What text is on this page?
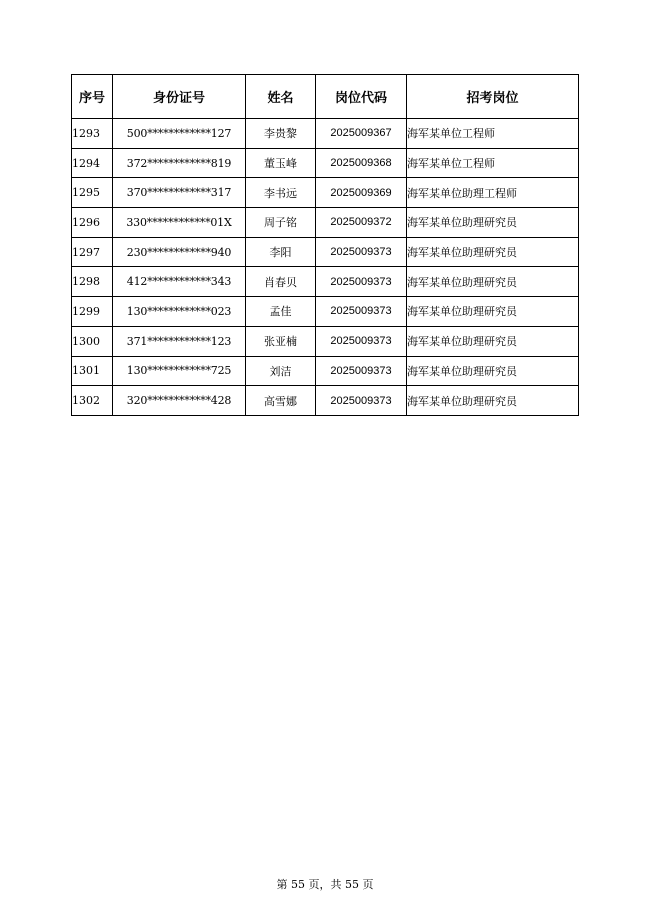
序号	身份证号	姓名	岗位代码	招考岗位
1293	500************127	李贵黎	2025009367	海军某单位工程师
1294	372************819	董玉峰	2025009368	海军某单位工程师
1295	370************317	李书远	2025009369	海军某单位助理工程师
1296	330************01X	周子铭	2025009372	海军某单位助理研究员
1297	230************940	李阳	2025009373	海军某单位助理研究员
1298	412************343	肖春贝	2025009373	海军某单位助理研究员
1299	130************023	孟佳	2025009373	海军某单位助理研究员
1300	371************123	张亚楠	2025009373	海军某单位助理研究员
1301	130************725	刘洁	2025009373	海军某单位助理研究员
1302	320************428	高雪娜	2025009373	海军某单位助理研究员
第 55 页，共 55 页
